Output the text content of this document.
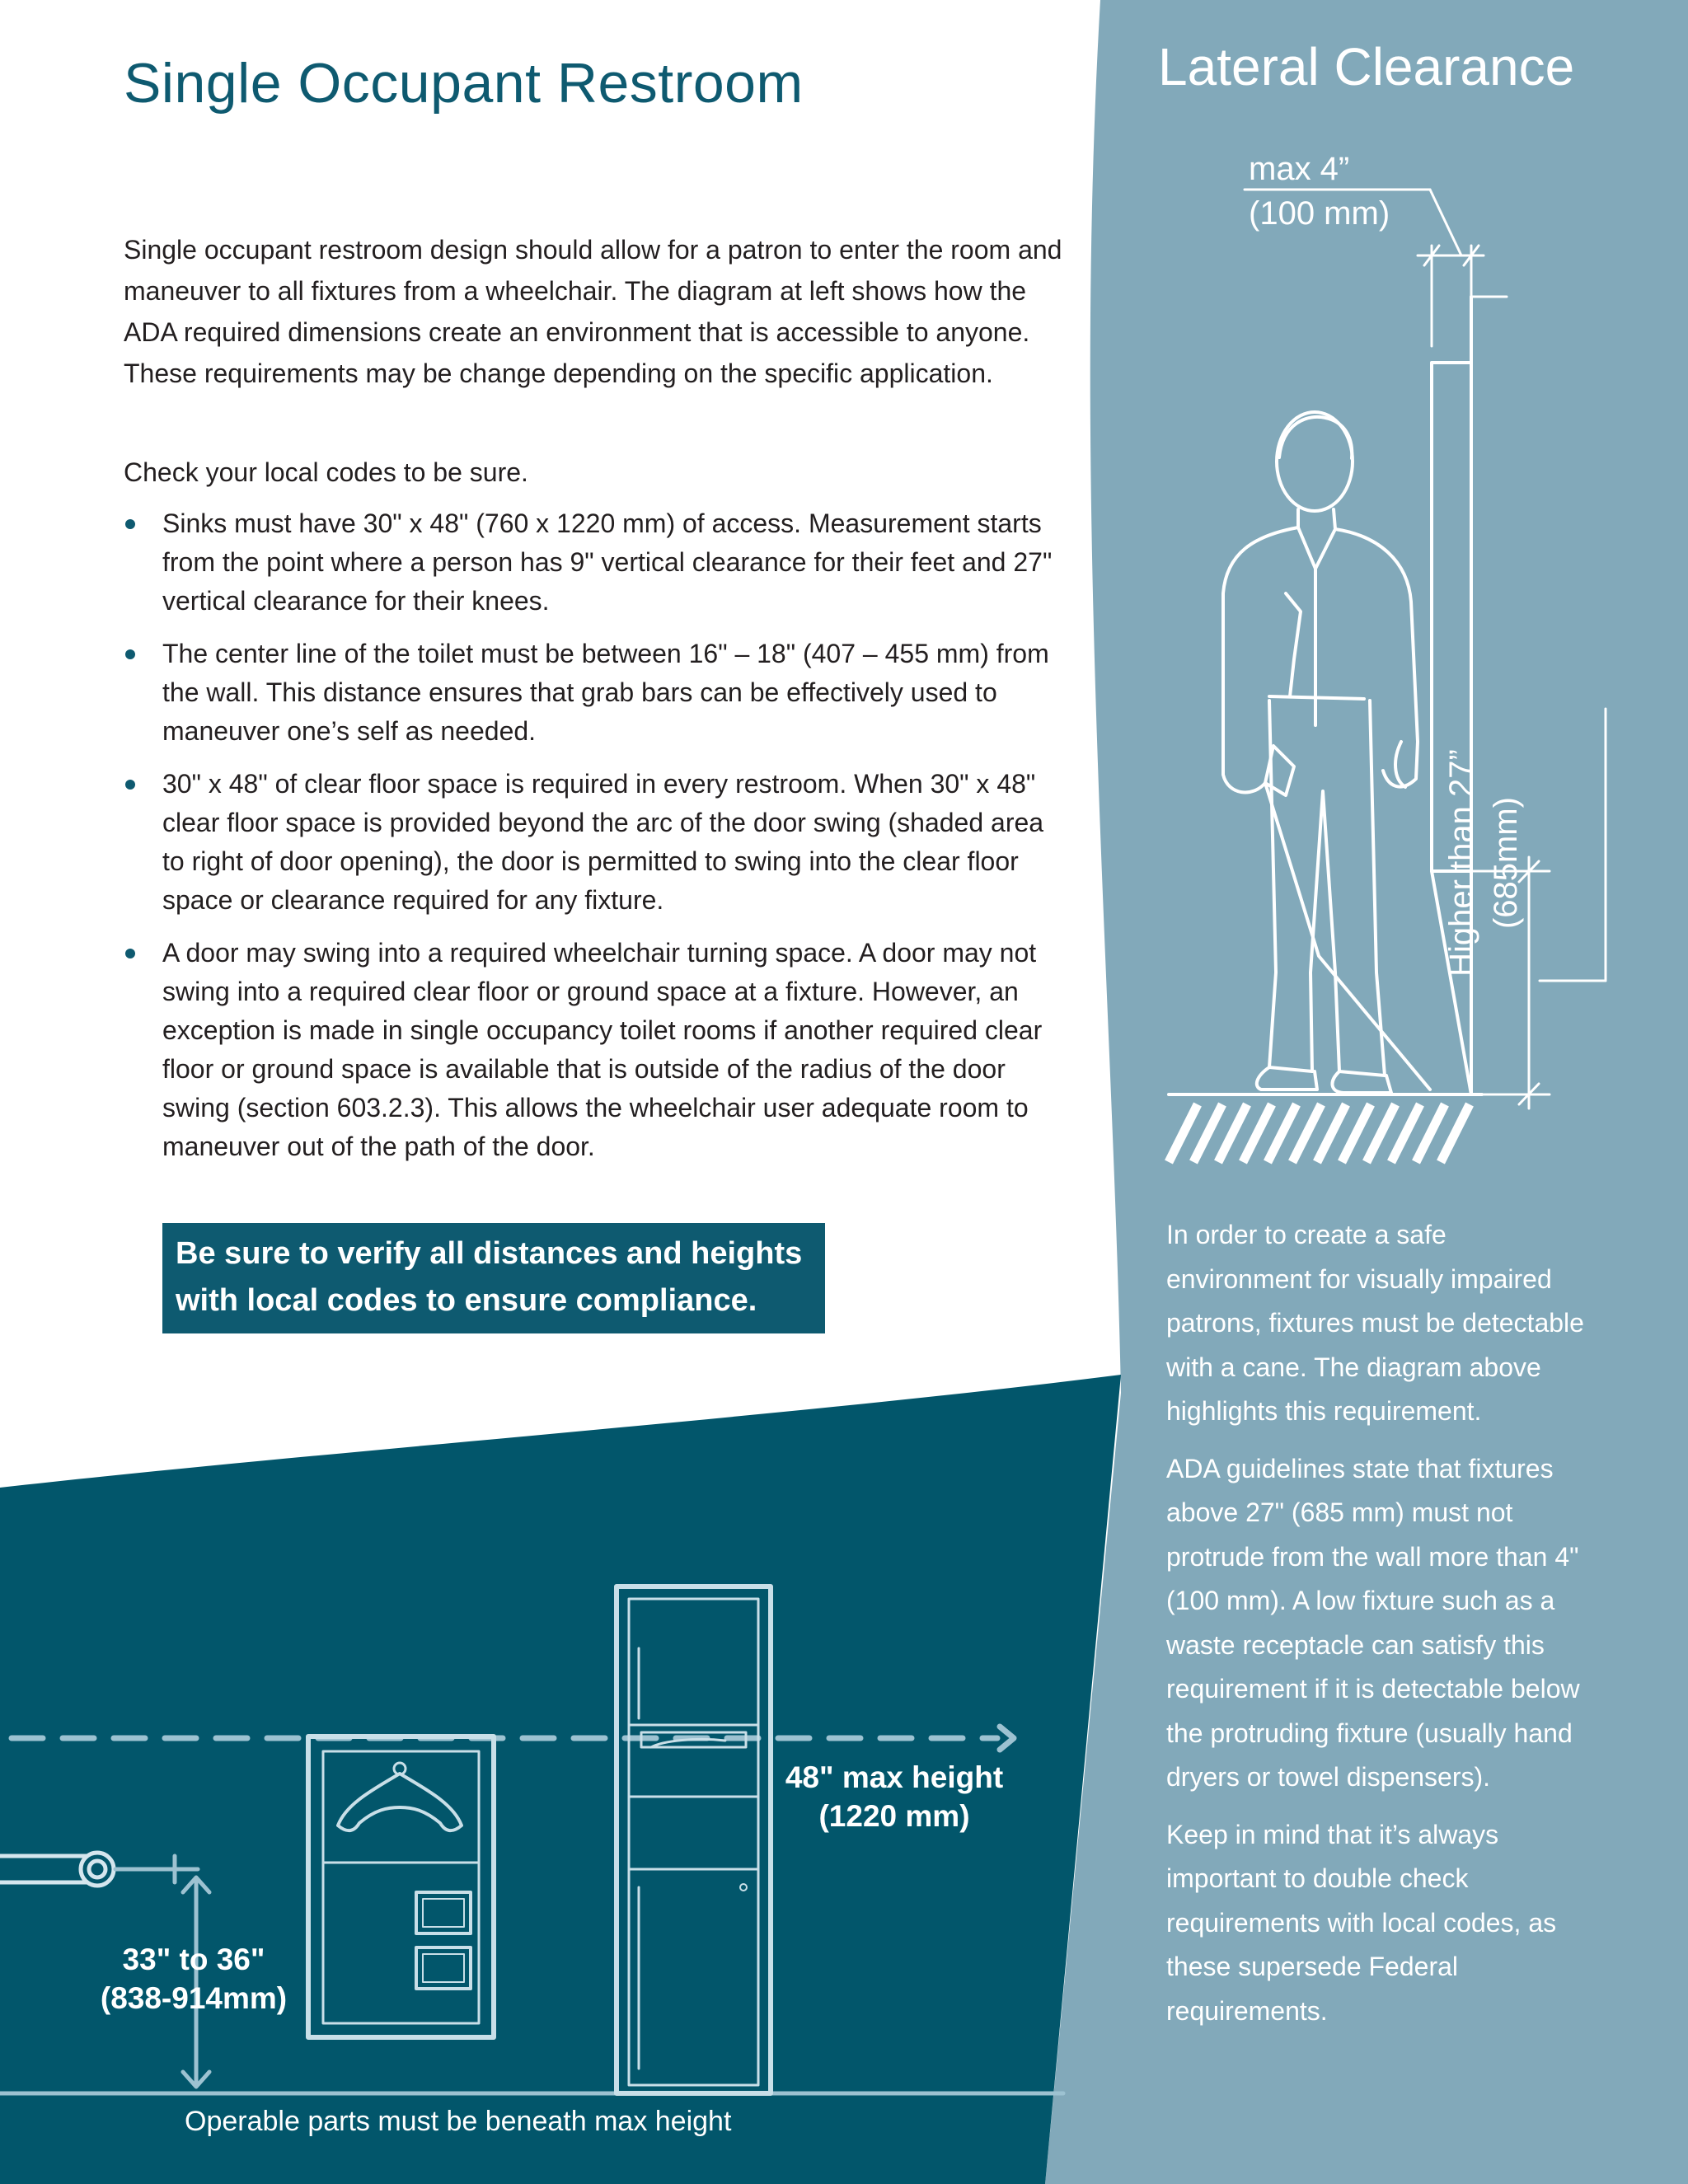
Single Occupant Restroom

Single occupant restroom design should allow for a patron to enter the room and maneuver to all fixtures from a wheelchair. The diagram at left shows how the ADA required dimensions create an environment that is accessible to anyone. These requirements may be change depending on the specific application.

Check your local codes to be sure.

Sinks must have 30" x 48" (760 x 1220 mm) of access. Measurement starts from the point where a person has 9" vertical clearance for their feet and 27" vertical clearance for their knees.
The center line of the toilet must be between 16" – 18" (407 – 455 mm) from the wall. This distance ensures that grab bars can be effectively used to maneuver one’s self as needed.
30" x 48" of clear floor space is required in every restroom. When 30" x 48" clear floor space is provided beyond the arc of the door swing (shaded area to right of door opening), the door is permitted to swing into the clear floor space or clearance required for any fixture.
A door may swing into a required wheelchair turning space. A door may not swing into a required clear floor or ground space at a fixture. However, an exception is made in single occupancy toilet rooms if another required clear floor or ground space is available that is outside of the radius of the door swing (section 603.2.3). This allows the wheelchair user adequate room to maneuver out of the path of the door.
Be sure to verify all distances and heights with local codes to ensure compliance.
Lateral Clearance
max 4”
(100 mm)
Higher than 27” (685mm)

In order to create a safe environment for visually impaired patrons, fixtures must be detectable with a cane. The diagram above highlights this requirement.

ADA guidelines state that fixtures above 27" (685 mm) must not protrude from the wall more than 4" (100 mm). A low fixture such as a waste receptacle can satisfy this requirement if it is detectable below the protruding fixture (usually hand dryers or towel dispensers).

Keep in mind that it’s always important to double check requirements with local codes, as these supersede Federal requirements.

48" max height
(1220 mm)
33" to 36"
(838-914mm)
Operable parts must be beneath max height
